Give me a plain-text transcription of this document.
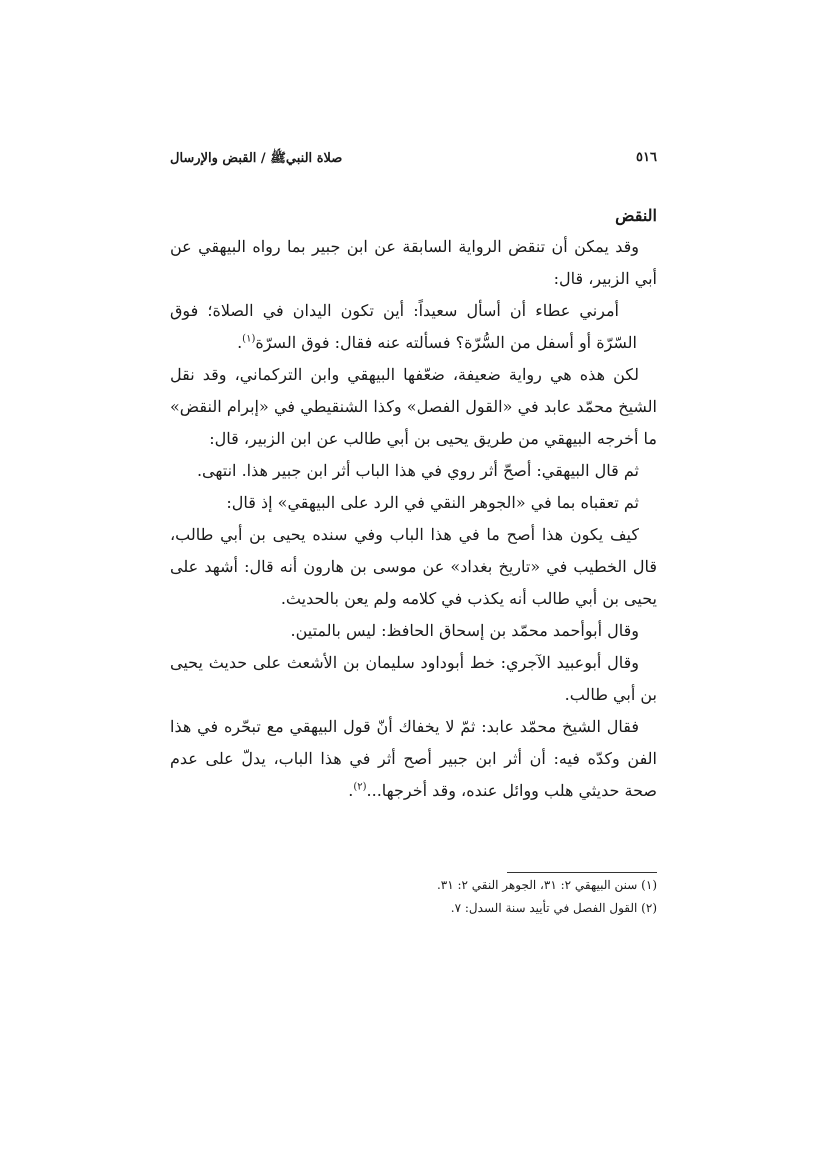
٥١٦
صلاة النبيﷺ / القبض والإرسال

النقض

وقد يمكن أن تنقض الرواية السابقة عن ابن جبير بما رواه البيهقي عن أبي الزبير، قال:

أمرني عطاء أن أسأل سعيداً: أين تكون اليدان في الصلاة؛ فوق السّرّة أو أسفل من السُّرّة؟ فسألته عنه فقال: فوق السرّة$^{(١)}$.

لكن هذه هي رواية ضعيفة، ضعّفها البيهقي وابن التركماني، وقد نقل الشيخ محمّد عابد في «القول الفصل» وكذا الشنقيطي في «إبرام النقض» ما أخرجه البيهقي من طريق يحيى بن أبي طالب عن ابن الزبير، قال:

ثم قال البيهقي: أصحّ أثر روي في هذا الباب أثر ابن جبير هذا. انتهى.

ثم تعقباه بما في «الجوهر النقي في الرد على البيهقي» إذ قال:

كيف يكون هذا أصح ما في هذا الباب وفي سنده يحيى بن أبي طالب، قال الخطيب في «تاريخ بغداد» عن موسى بن هارون أنه قال: أشهد على يحيى بن أبي طالب أنه يكذب في كلامه ولم يعن بالحديث.

وقال أبوأحمد محمّد بن إسحاق الحافظ: ليس بالمتين.

وقال أبوعبيد الآجري: خط أبوداود سليمان بن الأشعث على حديث يحيى بن أبي طالب.

فقال الشيخ محمّد عابد: ثمّ لا يخفاك أنّ قول البيهقي مع تبحّره في هذا الفن وكدّه فيه: أن أثر ابن جبير أصح أثر في هذا الباب، يدلّ على عدم صحة حديثي هلب ووائل عنده، وقد أخرجها...$^{(٢)}$.

(١) سنن البيهقي ٢: ٣١، الجوهر النقي ٢: ٣١.

(٢) القول الفصل في تأييد سنة السدل: ٧.
